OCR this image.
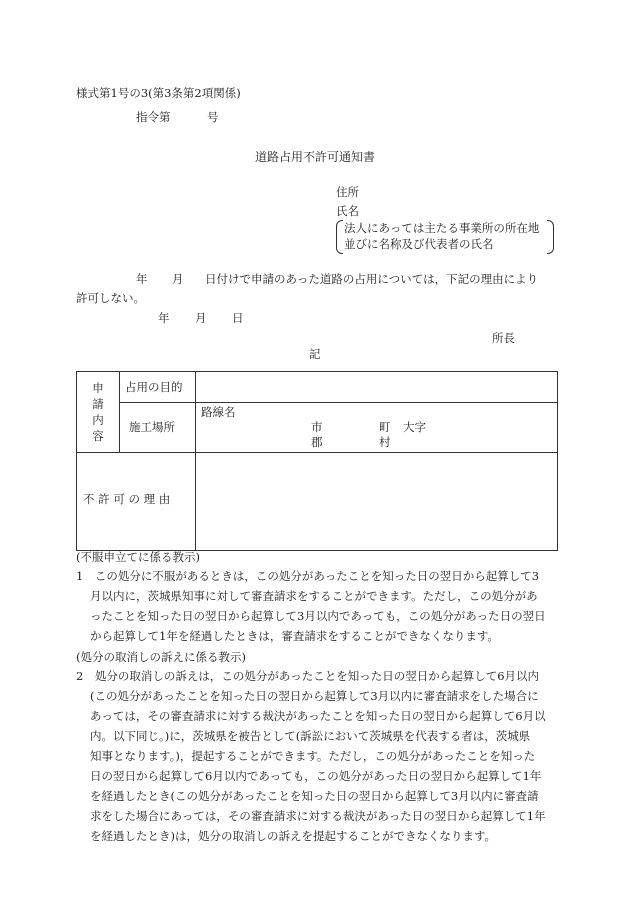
様式第1号の3(第3条第2項関係)
指令第	号
道路占用不許可通知書
住所
氏名
法人にあっては主たる事業所の所在地
並びに名称及び代表者の氏名
年 月 日付けで申請のあった道路の占用については，下記の理由により
許可しない。
年 月 日
所長
記
申
請
内
容
占用の目的
施工場所
路線名
市
郡
町
村
大字
不 許 可 の 理 由
(不服申立てに係る教示)
1　この処分に不服があるときは，この処分があったことを知った日の翌日から起算して3
月以内に，茨城県知事に対して審査請求をすることができます。ただし，この処分があ
ったことを知った日の翌日から起算して3月以内であっても，この処分があった日の翌日
から起算して1年を経過したときは，審査請求をすることができなくなります。
(処分の取消しの訴えに係る教示)
2　処分の取消しの訴えは，この処分があったことを知った日の翌日から起算して6月以内
(この処分があったことを知った日の翌日から起算して3月以内に審査請求をした場合に
あっては，その審査請求に対する裁決があったことを知った日の翌日から起算して6月以
内。以下同じ。)に，茨城県を被告として(訴訟において茨城県を代表する者は，茨城県
知事となります。)，提起することができます。ただし，この処分があったことを知った
日の翌日から起算して6月以内であっても，この処分があった日の翌日から起算して1年
を経過したとき(この処分があったことを知った日の翌日から起算して3月以内に審査請
求をした場合にあっては，その審査請求に対する裁決があった日の翌日から起算して1年
を経過したとき)は，処分の取消しの訴えを提起することができなくなります。
